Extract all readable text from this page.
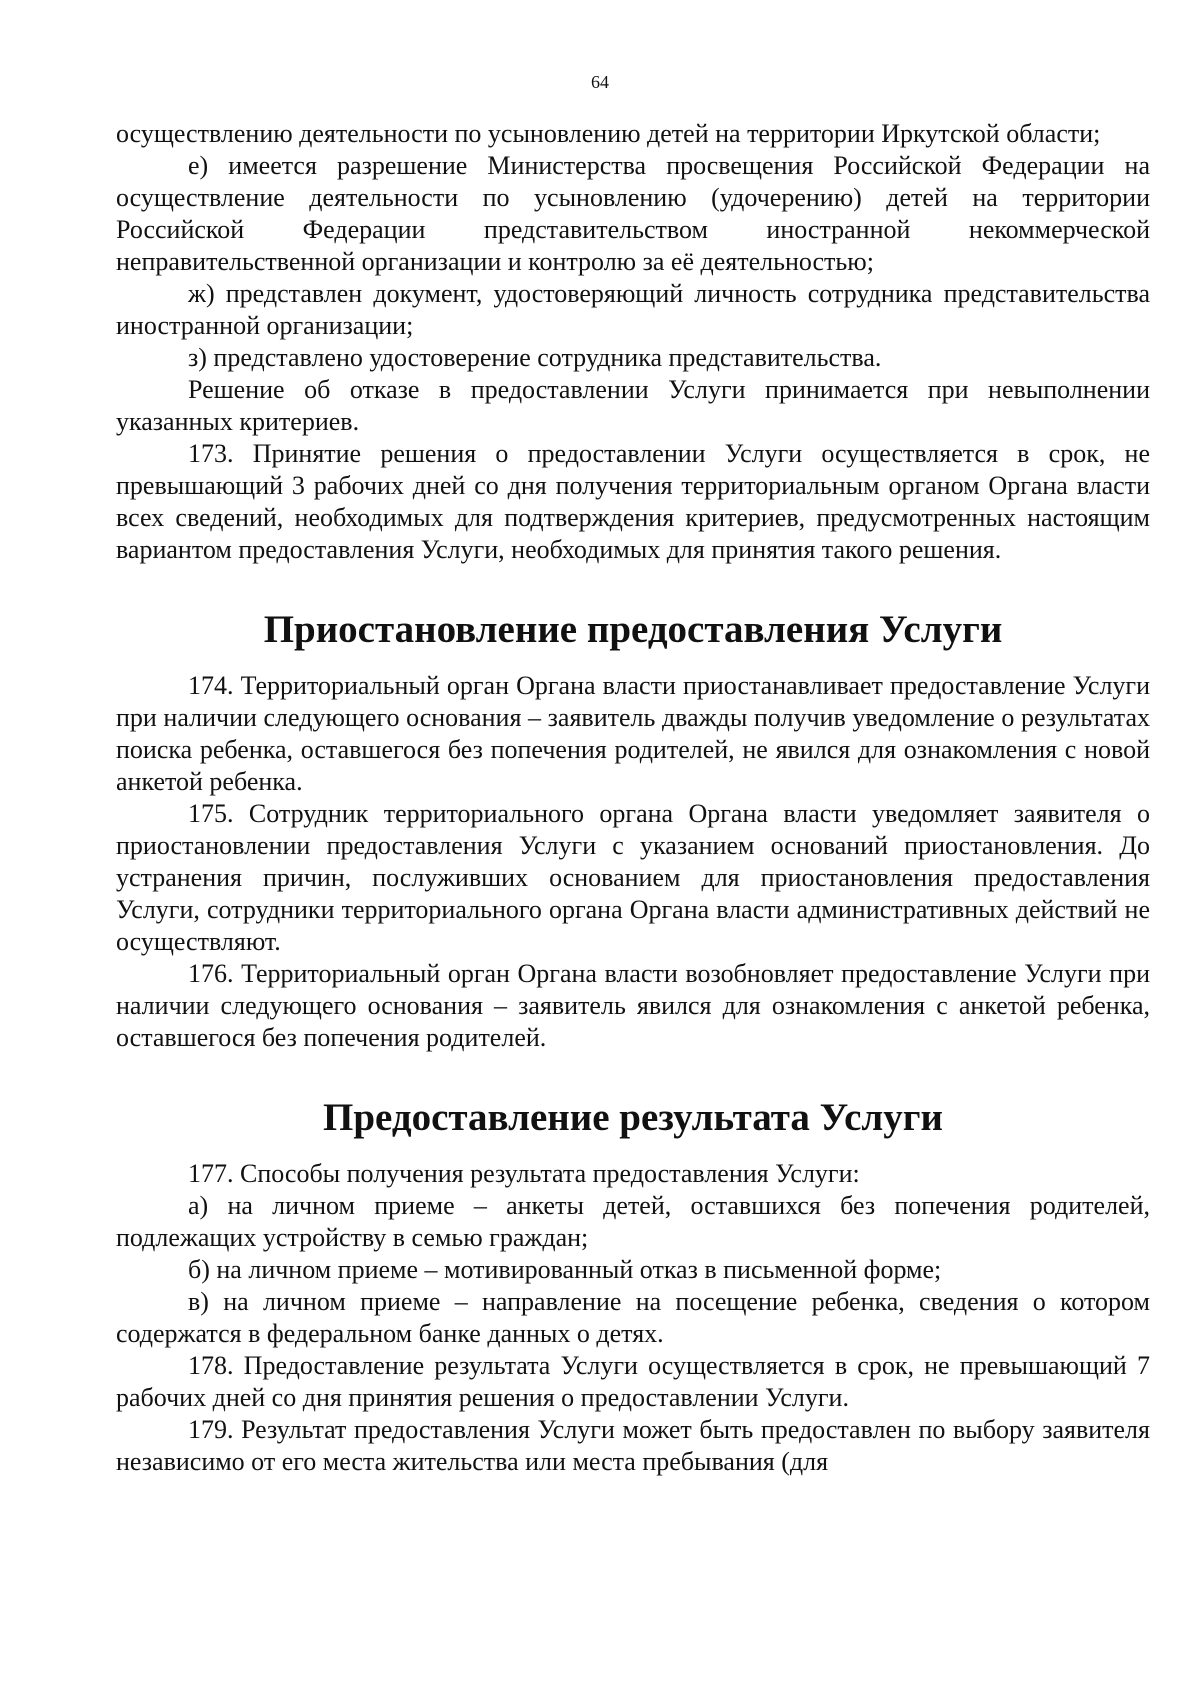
64

осуществлению деятельности по усыновлению детей на территории Иркутской области;

е) имеется разрешение Министерства просвещения Российской Федерации на осуществление деятельности по усыновлению (удочерению) детей на территории Российской Федерации представительством иностранной некоммерческой неправительственной организации и контролю за её деятельностью;

ж) представлен документ, удостоверяющий личность сотрудника представительства иностранной организации;

з) представлено удостоверение сотрудника представительства.

Решение об отказе в предоставлении Услуги принимается при невыполнении указанных критериев.

173. Принятие решения о предоставлении Услуги осуществляется в срок, не превышающий 3 рабочих дней со дня получения территориальным органом Органа власти всех сведений, необходимых для подтверждения критериев, предусмотренных настоящим вариантом предоставления Услуги, необходимых для принятия такого решения.

Приостановление предоставления Услуги

174. Территориальный орган Органа власти приостанавливает предоставление Услуги при наличии следующего основания – заявитель дважды получив уведомление о результатах поиска ребенка, оставшегося без попечения родителей, не явился для ознакомления с новой анкетой ребенка.

175. Сотрудник территориального органа Органа власти уведомляет заявителя о приостановлении предоставления Услуги с указанием оснований приостановления. До устранения причин, послуживших основанием для приостановления предоставления Услуги, сотрудники территориального органа Органа власти административных действий не осуществляют.

176. Территориальный орган Органа власти возобновляет предоставление Услуги при наличии следующего основания – заявитель явился для ознакомления с анкетой ребенка, оставшегося без попечения родителей.

Предоставление результата Услуги

177. Способы получения результата предоставления Услуги:

а) на личном приеме – анкеты детей, оставшихся без попечения родителей, подлежащих устройству в семью граждан;

б) на личном приеме – мотивированный отказ в письменной форме;

в) на личном приеме – направление на посещение ребенка, сведения о котором содержатся в федеральном банке данных о детях.

178. Предоставление результата Услуги осуществляется в срок, не превышающий 7 рабочих дней со дня принятия решения о предоставлении Услуги.

179. Результат предоставления Услуги может быть предоставлен по выбору заявителя независимо от его места жительства или места пребывания (для
